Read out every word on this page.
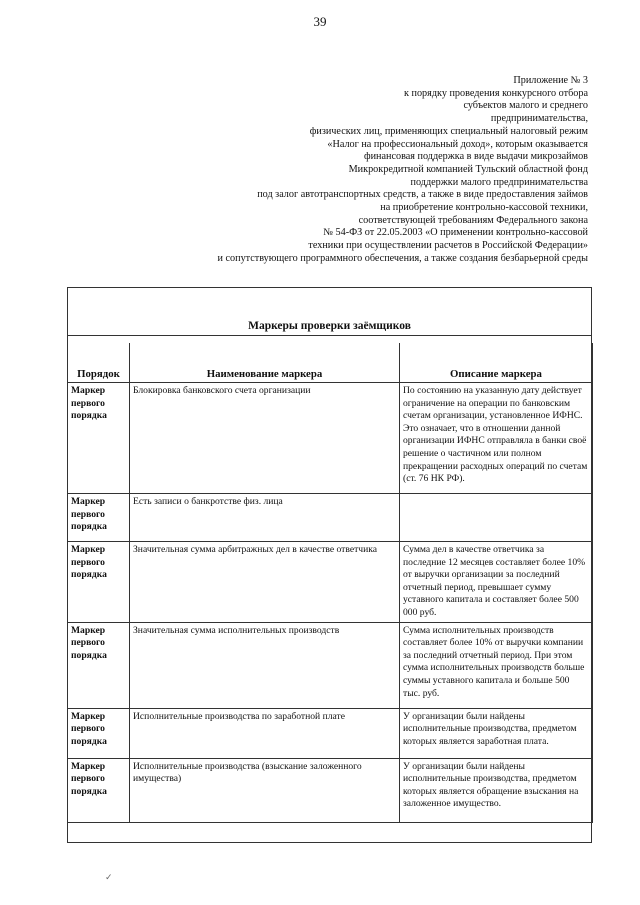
39
Приложение № 3
к порядку проведения конкурсного отбора
субъектов малого и среднего
предпринимательства,
физических лиц, применяющих специальный налоговый режим
«Налог на профессиональный доход», которым оказывается
финансовая поддержка в виде выдачи микрозаймов
Микрокредитной компанией Тульский областной фонд
поддержки малого предпринимательства
под залог автотранспортных средств, а также в виде предоставления займов
на приобретение контрольно-кассовой техники,
соответствующей требованиям Федерального закона
№ 54-ФЗ от 22.05.2003 «О применении контрольно-кассовой
техники при осуществлении расчетов в Российской Федерации»
и сопутствующего программного обеспечения, а также создания безбарьерной среды
Маркеры проверки заёмщиков
Порядок	Наименование маркера	Описание маркера
Маркер первого порядка	Блокировка банковского счета организации	По состоянию на указанную дату действует ограничение на операции по банковским счетам организации, установленное ИФНС. Это означает, что в отношении данной организации ИФНС отправляла в банки своё решение о частичном или полном прекращении расходных операций по счетам (ст. 76 НК РФ).
Маркер первого порядка	Есть записи о банкротстве физ. лица	
Маркер первого порядка	Значительная сумма арбитражных дел в качестве ответчика	Сумма дел в качестве ответчика за последние 12 месяцев составляет более 10% от выручки организации за последний отчетный период, превышает сумму уставного капитала и составляет более 500 000 руб.
Маркер первого порядка	Значительная сумма исполнительных производств	Сумма исполнительных производств составляет более 10% от выручки компании за последний отчетный период. При этом сумма исполнительных производств больше суммы уставного капитала и больше 500 тыс. руб.
Маркер первого порядка	Исполнительные производства по заработной плате	У организации были найдены исполнительные производства, предметом которых является заработная плата.
Маркер первого порядка	Исполнительные производства (взыскание заложенного имущества)	У организации были найдены исполнительные производства, предметом которых является обращение взыскания на заложенное имущество.
✓
